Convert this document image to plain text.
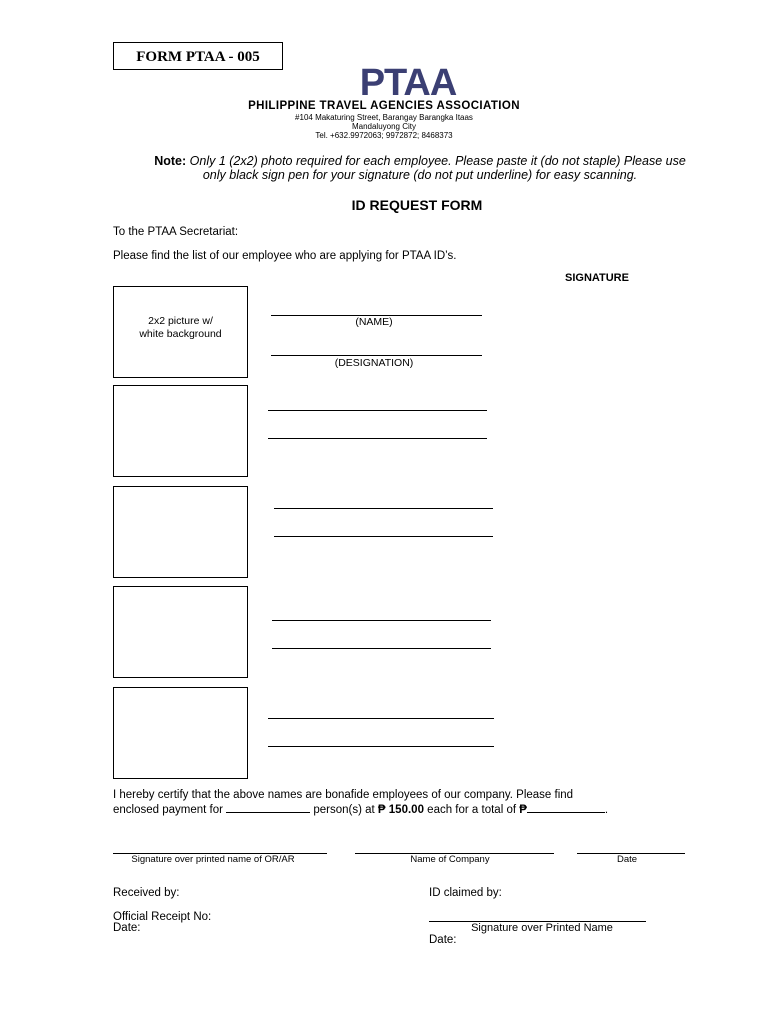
FORM PTAA - 005
PTAA
PHILIPPINE TRAVEL AGENCIES ASSOCIATION
#104 Makaturing Street, Barangay Barangka Itaas
Mandaluyong City
Tel. +632.9972063; 9972872; 8468373
Note: Only 1 (2x2) photo required for each employee. Please paste it (do not staple) Please use
only black sign pen for your signature (do not put underline) for easy scanning.
ID REQUEST FORM
To the PTAA Secretariat:
Please find the list of our employee who are applying for PTAA ID’s.
SIGNATURE
2x2 picture w/
white background
(NAME)
(DESIGNATION)
I hereby certify that the above names are bonafide employees of our company. Please find
enclosed payment for	person(s) at ₱ 150.00 each for a total of ₱	.
Signature over printed name of OR/AR	Name of Company	Date
Received by:
Official Receipt No:
Date:
ID claimed by:
Signature over Printed Name
Date:
